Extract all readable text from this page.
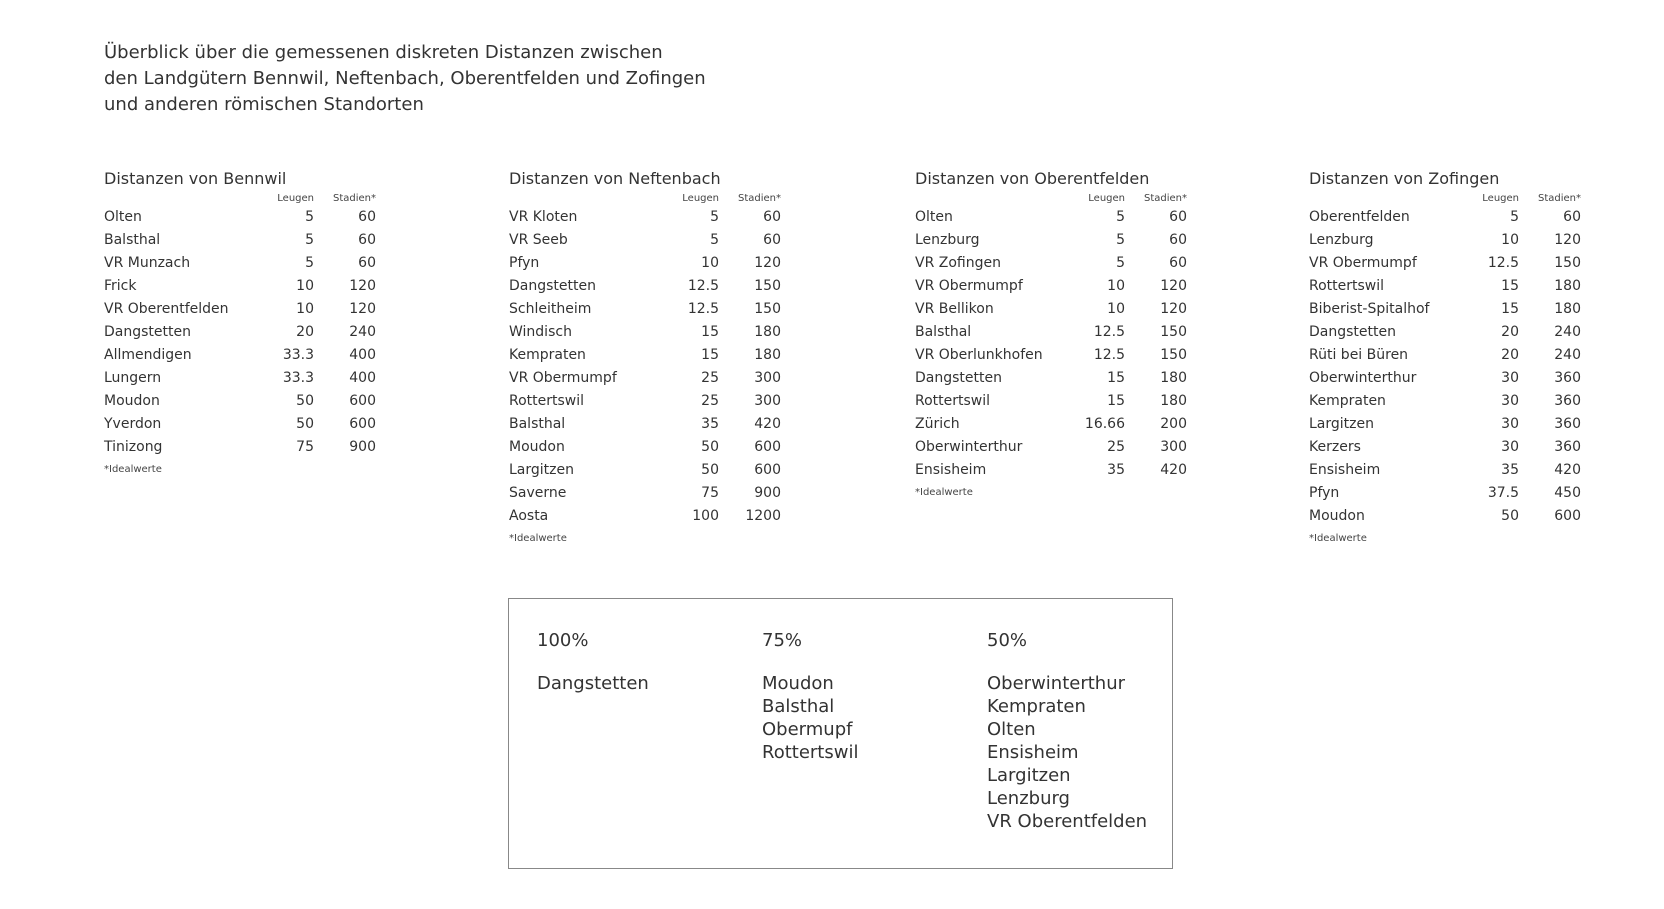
Überblick über die gemessenen diskreten Distanzen zwischen
den Landgütern Bennwil, Neftenbach, Oberentfelden und Zofingen
und anderen römischen Standorten
Distanzen von Bennwil
	Leugen	Stadien*
Olten	5	60
Balsthal	5	60
VR Munzach	5	60
Frick	10	120
VR Oberentfelden	10	120
Dangstetten	20	240
Allmendigen	33.3	400
Lungern	33.3	400
Moudon	50	600
Yverdon	50	600
Tinizong	75	900
*Idealwerte
Distanzen von Neftenbach
	Leugen	Stadien*
VR Kloten	5	60
VR Seeb	5	60
Pfyn	10	120
Dangstetten	12.5	150
Schleitheim	12.5	150
Windisch	15	180
Kempraten	15	180
VR Obermumpf	25	300
Rottertswil	25	300
Balsthal	35	420
Moudon	50	600
Largitzen	50	600
Saverne	75	900
Aosta	100	1200
*Idealwerte
Distanzen von Oberentfelden
	Leugen	Stadien*
Olten	5	60
Lenzburg	5	60
VR Zofingen	5	60
VR Obermumpf	10	120
VR Bellikon	10	120
Balsthal	12.5	150
VR Oberlunkhofen	12.5	150
Dangstetten	15	180
Rottertswil	15	180
Zürich	16.66	200
Oberwinterthur	25	300
Ensisheim	35	420
*Idealwerte
Distanzen von Zofingen
	Leugen	Stadien*
Oberentfelden	5	60
Lenzburg	10	120
VR Obermumpf	12.5	150
Rottertswil	15	180
Biberist-Spitalhof	15	180
Dangstetten	20	240
Rüti bei Büren	20	240
Oberwinterthur	30	360
Kempraten	30	360
Largitzen	30	360
Kerzers	30	360
Ensisheim	35	420
Pfyn	37.5	450
Moudon	50	600
*Idealwerte
100%
Dangstetten
75%
Moudon
Balsthal
Obermupf
Rottertswil
50%
Oberwinterthur
Kempraten
Olten
Ensisheim
Largitzen
Lenzburg
VR Oberentfelden
